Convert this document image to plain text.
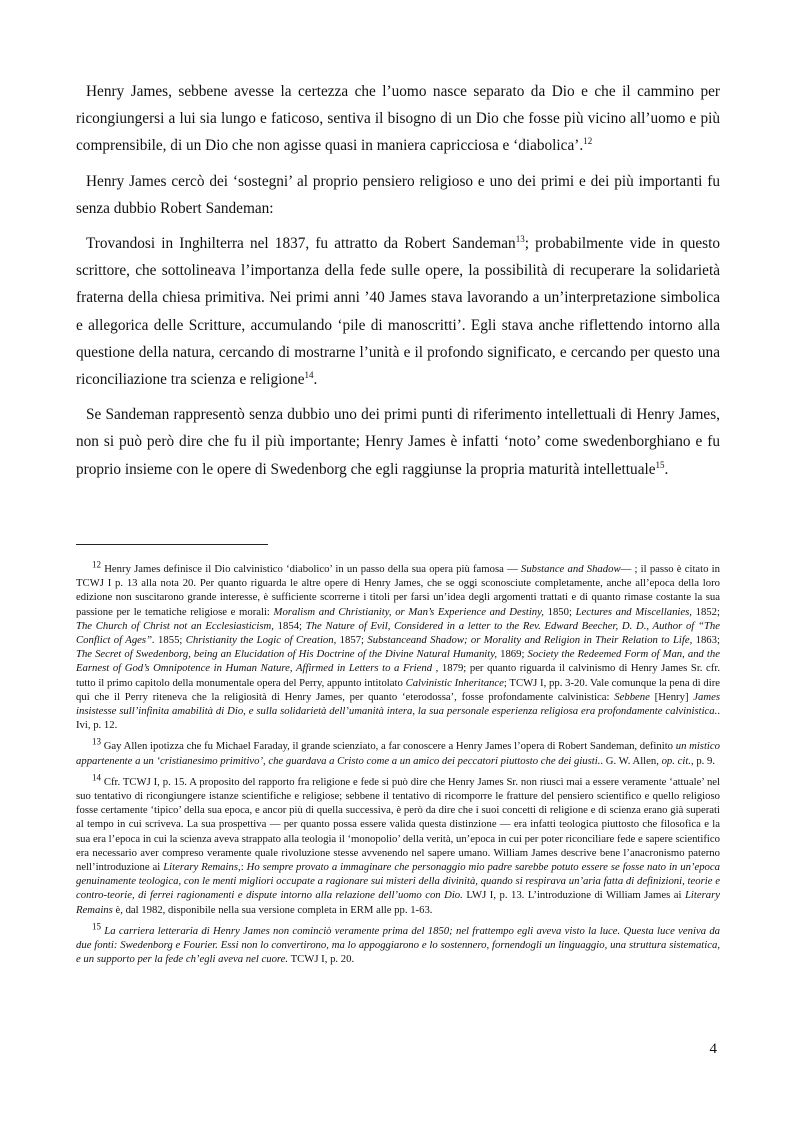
Henry James, sebbene avesse la certezza che l’uomo nasce separato da Dio e che il cammino per ricongiungersi a lui sia lungo e faticoso, sentiva il bisogno di un Dio che fosse più vicino all’uomo e più comprensibile, di un Dio che non agisse quasi in maniera capricciosa e ‘diabolica’.$^{12}$

Henry James cercò dei ‘sostegni’ al proprio pensiero religioso e uno dei primi e dei più importanti fu senza dubbio Robert Sandeman:

Trovandosi in Inghilterra nel 1837, fu attratto da Robert Sandeman$^{13}$; probabilmente vide in questo scrittore, che sottolineava l’importanza della fede sulle opere, la possibilità di recuperare la solidarietà fraterna della chiesa primitiva. Nei primi anni ’40 James stava lavorando a un’interpretazione simbolica e allegorica delle Scritture, accumulando ‘pile di manoscritti’. Egli stava anche riflettendo intorno alla questione della natura, cercando di mostrarne l’unità e il profondo significato, e cercando per questo una riconciliazione tra scienza e religione$^{14}$.

Se Sandeman rappresentò senza dubbio uno dei primi punti di riferimento intellettuali di Henry James, non si può però dire che fu il più importante; Henry James è infatti ‘noto’ come swedenborghiano e fu proprio insieme con le opere di Swedenborg che egli raggiunse la propria maturità intellettuale$^{15}$.

$^{12}$ Henry James definisce il Dio calvinistico ‘diabolico’ in un passo della sua opera più famosa — Substance and Shadow— ; il passo è citato in TCWJ I p. 13 alla nota 20. Per quanto riguarda le altre opere di Henry James, che se oggi sconosciute completamente, anche all’epoca della loro edizione non suscitarono grande interesse, è sufficiente scorrerne i titoli per farsi un’idea degli argomenti trattati e di quanto rimase costante la sua passione per le tematiche religiose e morali: Moralism and Christianity, or Man’s Experience and Destiny, 1850; Lectures and Miscellanies, 1852; The Church of Christ not an Ecclesiasticism, 1854; The Nature of Evil, Considered in a letter to the Rev. Edward Beecher, D. D., Author of “The Conflict of Ages”. 1855; Christianity the Logic of Creation, 1857; Substanceand Shadow; or Morality and Religion in Their Relation to Life, 1863; The Secret of Swedenborg, being an Elucidation of His Doctrine of the Divine Natural Humanity, 1869; Society the Redeemed Form of Man, and the Earnest of God’s Omnipotence in Human Nature, Affirmed in Letters to a Friend , 1879; per quanto riguarda il calvinismo di Henry James Sr. cfr. tutto il primo capitolo della monumentale opera del Perry, appunto intitolato Calvinistic Inheritance; TCWJ I, pp. 3-20. Vale comunque la pena di dire qui che il Perry riteneva che la religiosità di Henry James, per quanto ‘eterodossa’, fosse profondamente calvinistica: Sebbene [Henry] James insistesse sull’infinita amabilità di Dio, e sulla solidarietà dell’umanità intera, la sua personale esperienza religiosa era profondamente calvinistica.. Ivi, p. 12.

$^{13}$ Gay Allen ipotizza che fu Michael Faraday, il grande scienziato, a far conoscere a Henry James l’opera di Robert Sandeman, definito un mistico appartenente a un ‘cristianesimo primitivo’, che guardava a Cristo come a un amico dei peccatori piuttosto che dei giusti.. G. W. Allen, op. cit., p. 9.

$^{14}$ Cfr. TCWJ I, p. 15. A proposito del rapporto fra religione e fede si può dire che Henry James Sr. non riuscì mai a essere veramente ‘attuale’ nel suo tentativo di ricongiungere istanze scientifiche e religiose; sebbene il tentativo di ricomporre le fratture del pensiero scientifico e quello religioso fosse certamente ‘tipico’ della sua epoca, e ancor più di quella successiva, è però da dire che i suoi concetti di religione e di scienza erano già superati al tempo in cui scriveva. La sua prospettiva — per quanto possa essere valida questa distinzione — era infatti teologica piuttosto che filosofica e la sua era l’epoca in cui la scienza aveva strappato alla teologia il ‘monopolio’ della verità, un’epoca in cui per poter riconciliare fede e sapere scientifico era necessario aver compreso veramente quale rivoluzione stesse avvenendo nel sapere umano. William James descrive bene l’anacronismo paterno nell’introduzione ai Literary Remains,: Ho sempre provato a immaginare che personaggio mio padre sarebbe potuto essere se fosse nato in un’epoca genuinamente teologica, con le menti migliori occupate a ragionare sui misteri della divinità, quando si respirava un’aria fatta di definizioni, teorie e contro-teorie, di ferrei ragionamenti e dispute intorno alla relazione dell’uomo con Dio. LWJ I, p. 13. L’introduzione di William James ai Literary Remains è, dal 1982, disponibile nella sua versione completa in ERM alle pp. 1-63.

$^{15}$ La carriera letteraria di Henry James non cominciò veramente prima del 1850; nel frattempo egli aveva visto la luce. Questa luce veniva da due fonti: Swedenborg e Fourier. Essi non lo convertirono, ma lo appoggiarono e lo sostennero, fornendogli un linguaggio, una struttura sistematica, e un supporto per la fede ch’egli aveva nel cuore. TCWJ I, p. 20.

4
